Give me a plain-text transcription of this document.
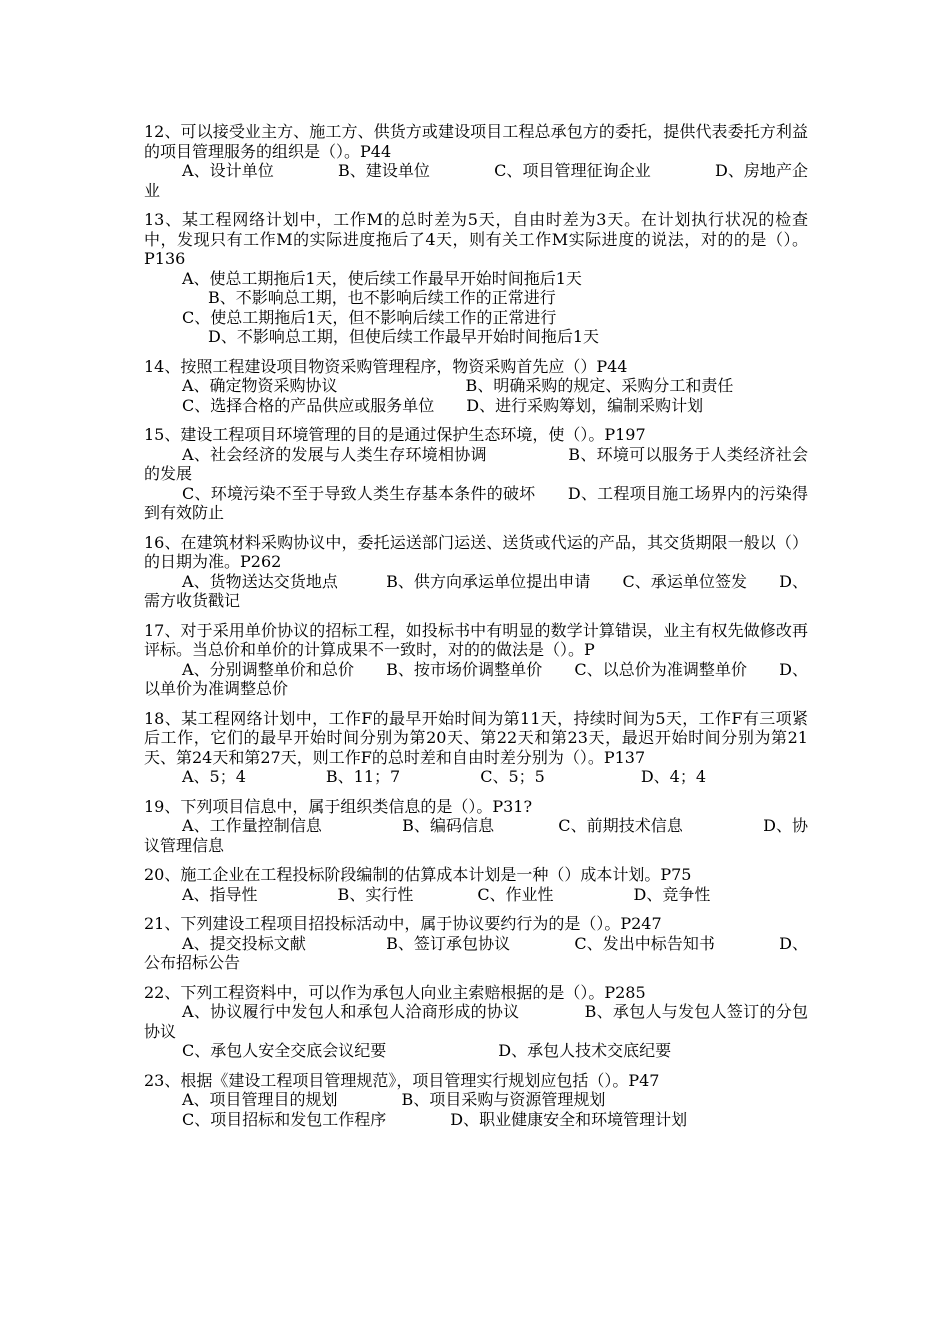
12、可以接受业主方、施工方、供货方或建设项目工程总承包方的委托，提供代表委托方利益的项目管理服务的组织是（）。P44
A、设计单位　　　　B、建设单位　　　　C、项目管理征询企业　　　　D、房地产企业
13、某工程网络计划中，工作M的总时差为5天，自由时差为3天。在计划执行状况的检查中，发现只有工作M的实际进度拖后了4天，则有关工作M实际进度的说法，对的的是（）。P136
A、使总工期拖后1天，使后续工作最早开始时间拖后1天
B、不影响总工期，也不影响后续工作的正常进行
C、使总工期拖后1天，但不影响后续工作的正常进行
D、不影响总工期，但使后续工作最早开始时间拖后1天
14、按照工程建设项目物资采购管理程序，物资采购首先应（）P44
A、确定物资采购协议　　　　　　　　B、明确采购的规定、采购分工和责任
C、选择合格的产品供应或服务单位　　D、进行采购筹划，编制采购计划
15、建设工程项目环境管理的目的是通过保护生态环境，使（）。P197
A、社会经济的发展与人类生存环境相协调　　　　　B、环境可以服务于人类经济社会的发展
C、环境污染不至于导致人类生存基本条件的破坏　　D、工程项目施工场界内的污染得到有效防止
16、在建筑材料采购协议中，委托运送部门运送、送货或代运的产品，其交货期限一般以（）的日期为准。P262
A、货物送达交货地点　　　B、供方向承运单位提出申请　　C、承运单位签发　　D、需方收货戳记
17、对于采用单价协议的招标工程，如投标书中有明显的数学计算错误，业主有权先做修改再评标。当总价和单价的计算成果不一致时，对的的做法是（）。P
A、分别调整单价和总价　　B、按市场价调整单价　　C、以总价为准调整单价　　D、以单价为准调整总价
18、某工程网络计划中，工作F的最早开始时间为第11天，持续时间为5天，工作F有三项紧后工作，它们的最早开始时间分别为第20天、第22天和第23天，最迟开始时间分别为第21天、第24天和第27天，则工作F的总时差和自由时差分别为（）。P137
A、5；4　　　　　B、11；7　　　　　C、5；5　　　　　　D、4；4
19、下列项目信息中，属于组织类信息的是（）。P31?
A、工作量控制信息　　　　　B、编码信息　　　　C、前期技术信息　　　　　D、协议管理信息
20、施工企业在工程投标阶段编制的估算成本计划是一种（）成本计划。P75
A、指导性　　　　　B、实行性　　　　C、作业性　　　　　D、竞争性
21、下列建设工程项目招投标活动中，属于协议要约行为的是（）。P247
A、提交投标文献　　　　　B、签订承包协议　　　　C、发出中标告知书　　　　D、公布招标公告
22、下列工程资料中，可以作为承包人向业主索赔根据的是（）。P285
A、协议履行中发包人和承包人洽商形成的协议　　　　B、承包人与发包人签订的分包协议
C、承包人安全交底会议纪要　　　　　　　D、承包人技术交底纪要
23、根据《建设工程项目管理规范》，项目管理实行规划应包括（）。P47
A、项目管理目的规划　　　　B、项目采购与资源管理规划
C、项目招标和发包工作程序　　　　D、职业健康安全和环境管理计划
